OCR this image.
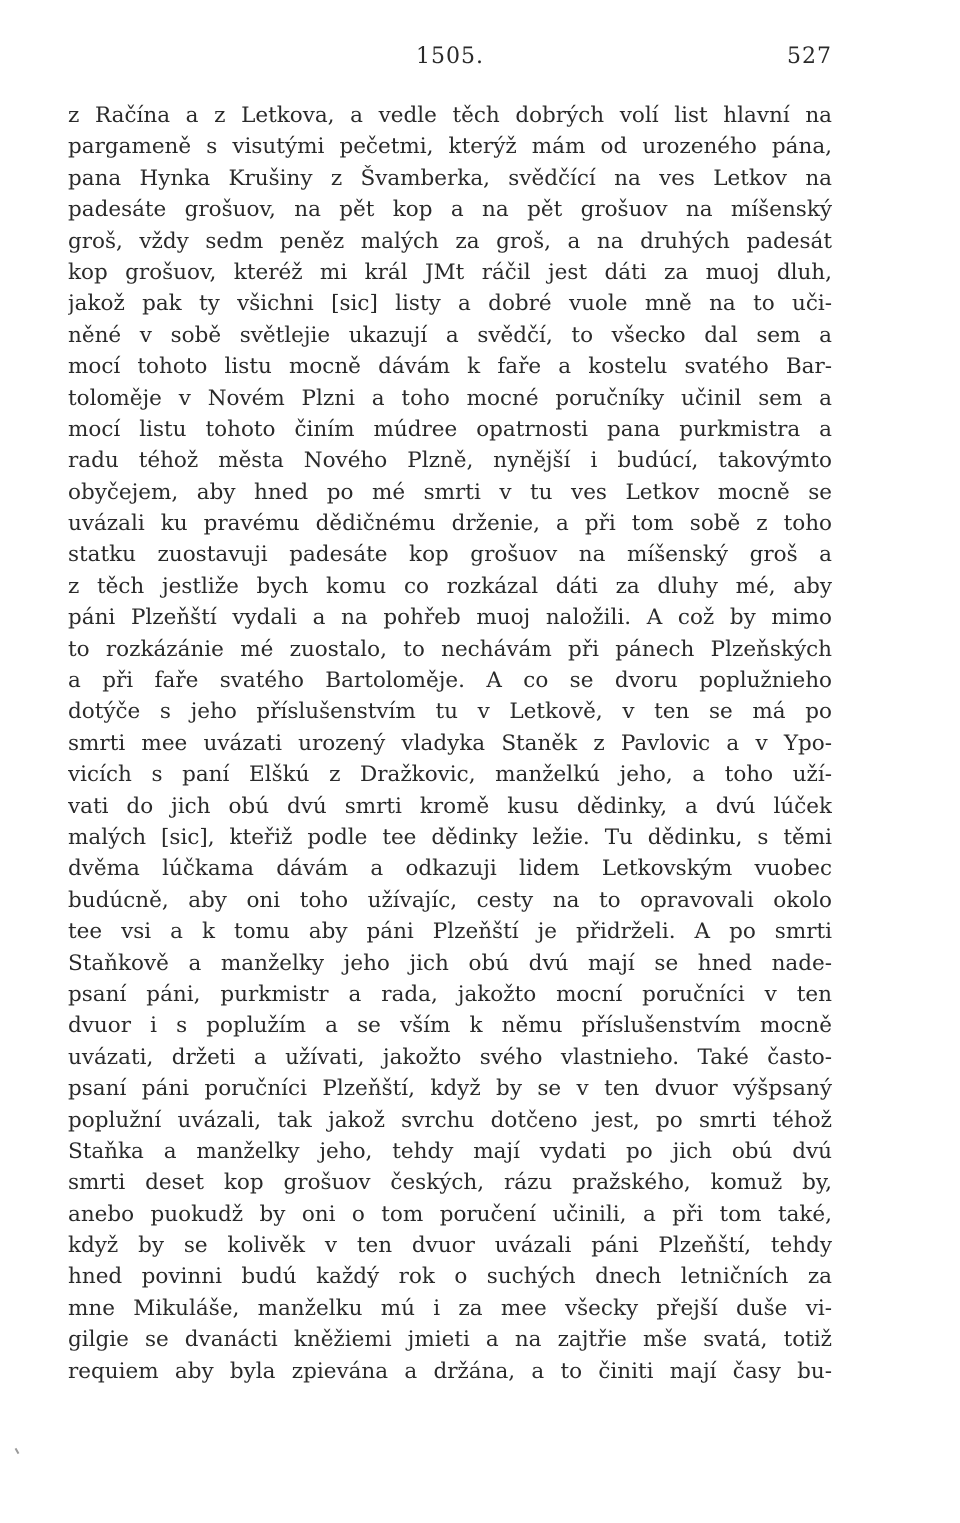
1505.	527
z Račína a z Letkova, a vedle těch dobrých volí list hlavní na
pargameně s visutými pečetmi, kterýž mám od urozeného pána,
pana Hynka Krušiny z Švamberka, svědčící na ves Letkov na
padesáte grošuov, na pět kop a na pět grošuov na míšenský
groš, vždy sedm peněz malých za groš, a na druhých padesát
kop grošuov, kteréž mi král JMt ráčil jest dáti za muoj dluh,
jakož pak ty všichni [sic] listy a dobré vuole mně na to uči-
něné v sobě světlejie ukazují a svědčí, to všecko dal sem a
mocí tohoto listu mocně dávám k faře a kostelu svatého Bar-
toloměje v Novém Plzni a toho mocné poručníky učinil sem a
mocí listu tohoto činím múdree opatrnosti pana purkmistra a
radu téhož města Nového Plzně, nynější i budúcí, takovýmto
obyčejem, aby hned po mé smrti v tu ves Letkov mocně se
uvázali ku pravému dědičnému drženie, a při tom sobě z toho
statku zuostavuji padesáte kop grošuov na míšenský groš a
z těch jestliže bych komu co rozkázal dáti za dluhy mé, aby
páni Plzeňští vydali a na pohřeb muoj naložili. A což by mimo
to rozkázánie mé zuostalo, to nechávám při pánech Plzeňských
a při faře svatého Bartoloměje. A co se dvoru poplužnieho
dotýče s jeho příslušenstvím tu v Letkově, v ten se má po
smrti mee uvázati urozený vladyka Staněk z Pavlovic a v Ypo-
vicích s paní Elškú z Dražkovic, manželkú jeho, a toho uží-
vati do jich obú dvú smrti kromě kusu dědinky, a dvú lúček
malých [sic], kteřiž podle tee dědinky ležie. Tu dědinku, s těmi
dvěma lúčkama dávám a odkazuji lidem Letkovským vuobec
budúcně, aby oni toho užívajíc, cesty na to opravovali okolo
tee vsi a k tomu aby páni Plzeňští je přidrželi. A po smrti
Staňkově a manželky jeho jich obú dvú mají se hned nade-
psaní páni, purkmistr a rada, jakožto mocní poručníci v ten
dvuor i s poplužím a se vším k němu příslušenstvím mocně
uvázati, držeti a užívati, jakožto svého vlastnieho. Také často-
psaní páni poručníci Plzeňští, když by se v ten dvuor výšpsaný
poplužní uvázali, tak jakož svrchu dotčeno jest, po smrti téhož
Staňka a manželky jeho, tehdy mají vydati po jich obú dvú
smrti deset kop grošuov českých, rázu pražského, komuž by,
anebo puokudž by oni o tom poručení učinili, a při tom také,
když by se kolivěk v ten dvuor uvázali páni Plzeňští, tehdy
hned povinni budú každý rok o suchých dnech letničních za
mne Mikuláše, manželku mú i za mee všecky přejší duše vi-
gilgie se dvanácti kněžiemi jmieti a na zajtřie mše svatá, totiž
requiem aby byla zpievána a držána, a to činiti mají časy bu-
